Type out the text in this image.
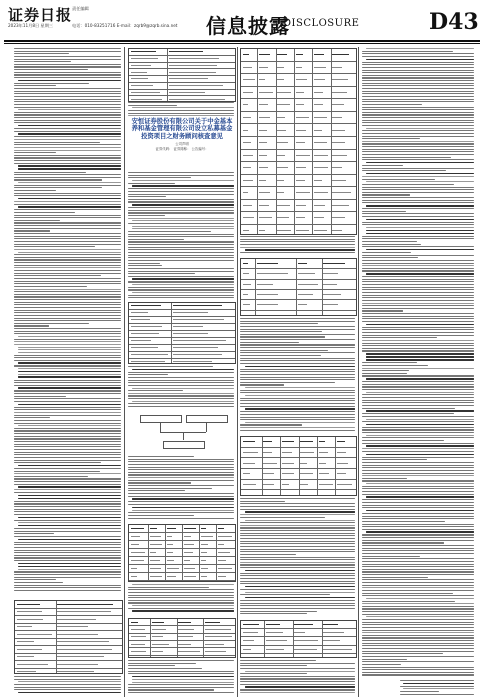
证券日报 责任编辑
2023年11月8日 星期三	电话：010-83251716 E-mail：zqrb9@zqrb.sina.net 信息披露
DISCLOSURE	D43
安恒证券股份有限公司关于中金基本养和基金管理有限公司设立私募基金投资项目之财务顾问核查意见
公司声明
证券代码： 证券简称： 公告编号：
